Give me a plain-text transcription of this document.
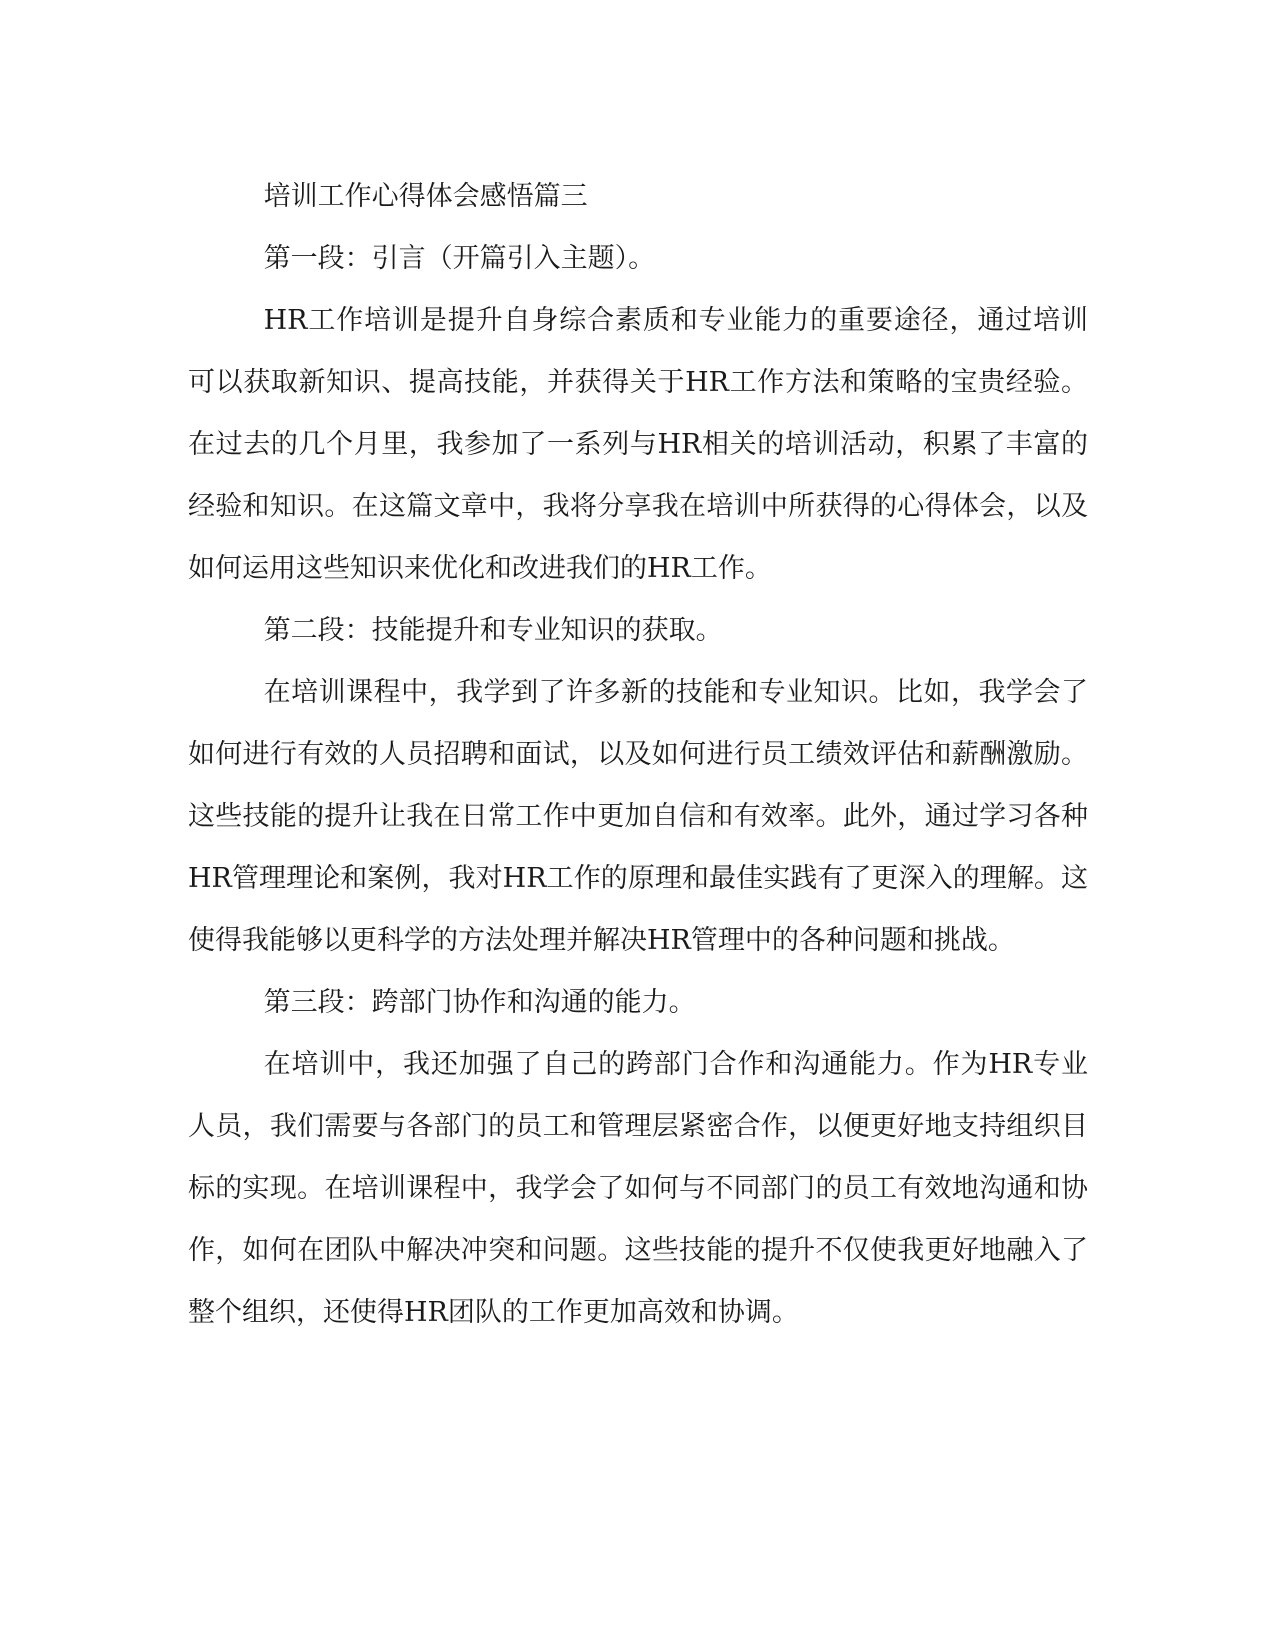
培训工作心得体会感悟篇三

第一段：引言（开篇引入主题）。

HR工作培训是提升自身综合素质和专业能力的重要途径，通过培训可以获取新知识、提高技能，并获得关于HR工作方法和策略的宝贵经验。在过去的几个月里，我参加了一系列与HR相关的培训活动，积累了丰富的经验和知识。在这篇文章中，我将分享我在培训中所获得的心得体会，以及如何运用这些知识来优化和改进我们的HR工作。

第二段：技能提升和专业知识的获取。

在培训课程中，我学到了许多新的技能和专业知识。比如，我学会了如何进行有效的人员招聘和面试，以及如何进行员工绩效评估和薪酬激励。这些技能的提升让我在日常工作中更加自信和有效率。此外，通过学习各种HR管理理论和案例，我对HR工作的原理和最佳实践有了更深入的理解。这使得我能够以更科学的方法处理并解决HR管理中的各种问题和挑战。

第三段：跨部门协作和沟通的能力。

在培训中，我还加强了自己的跨部门合作和沟通能力。作为HR专业人员，我们需要与各部门的员工和管理层紧密合作，以便更好地支持组织目标的实现。在培训课程中，我学会了如何与不同部门的员工有效地沟通和协作，如何在团队中解决冲突和问题。这些技能的提升不仅使我更好地融入了整个组织，还使得HR团队的工作更加高效和协调。
